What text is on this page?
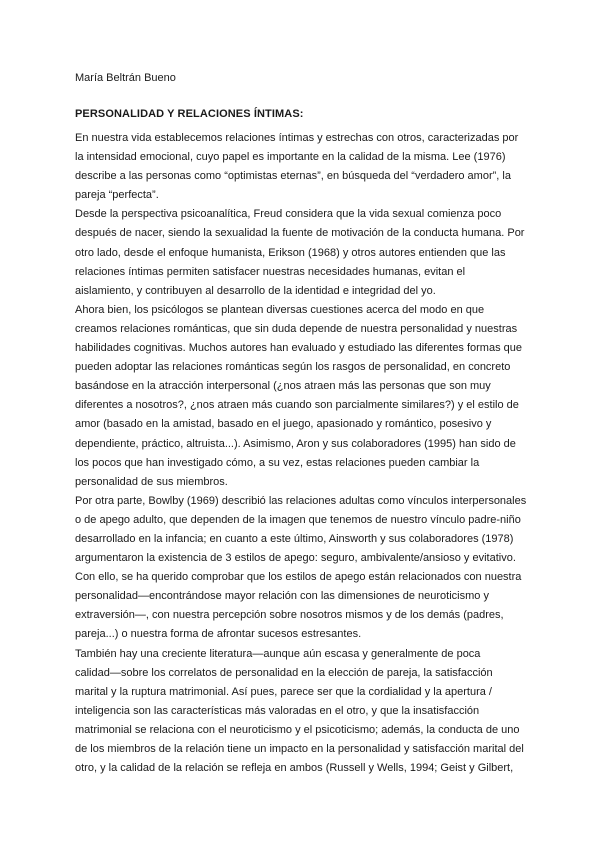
María Beltrán Bueno

PERSONALIDAD Y RELACIONES ÍNTIMAS:

En nuestra vida establecemos relaciones íntimas y estrechas con otros, caracterizadas por
la intensidad emocional, cuyo papel es importante en la calidad de la misma. Lee (1976)
describe a las personas como “optimistas eternas”, en búsqueda del “verdadero amor”, la
pareja “perfecta”.
Desde la perspectiva psicoanalítica, Freud considera que la vida sexual comienza poco
después de nacer, siendo la sexualidad la fuente de motivación de la conducta humana. Por
otro lado, desde el enfoque humanista, Erikson (1968) y otros autores entienden que las
relaciones íntimas permiten satisfacer nuestras necesidades humanas, evitan el
aislamiento, y contribuyen al desarrollo de la identidad e integridad del yo.
Ahora bien, los psicólogos se plantean diversas cuestiones acerca del modo en que
creamos relaciones románticas, que sin duda depende de nuestra personalidad y nuestras
habilidades cognitivas. Muchos autores han evaluado y estudiado las diferentes formas que
pueden adoptar las relaciones románticas según los rasgos de personalidad, en concreto
basándose en la atracción interpersonal (¿nos atraen más las personas que son muy
diferentes a nosotros?, ¿nos atraen más cuando son parcialmente similares?) y el estilo de
amor (basado en la amistad, basado en el juego, apasionado y romántico, posesivo y
dependiente, práctico, altruista...). Asimismo, Aron y sus colaboradores (1995) han sido de
los pocos que han investigado cómo, a su vez, estas relaciones pueden cambiar la
personalidad de sus miembros.
Por otra parte, Bowlby (1969) describió las relaciones adultas como vínculos interpersonales
o de apego adulto, que dependen de la imagen que tenemos de nuestro vínculo padre-niño
desarrollado en la infancia; en cuanto a este último, Ainsworth y sus colaboradores (1978)
argumentaron la existencia de 3 estilos de apego: seguro, ambivalente/ansioso y evitativo.
Con ello, se ha querido comprobar que los estilos de apego están relacionados con nuestra
personalidad—encontrándose mayor relación con las dimensiones de neuroticismo y
extraversión—, con nuestra percepción sobre nosotros mismos y de los demás (padres,
pareja...) o nuestra forma de afrontar sucesos estresantes.
También hay una creciente literatura—aunque aún escasa y generalmente de poca
calidad—sobre los correlatos de personalidad en la elección de pareja, la satisfacción
marital y la ruptura matrimonial. Así pues, parece ser que la cordialidad y la apertura /
inteligencia son las características más valoradas en el otro, y que la insatisfacción
matrimonial se relaciona con el neuroticismo y el psicoticismo; además, la conducta de uno
de los miembros de la relación tiene un impacto en la personalidad y satisfacción marital del
otro, y la calidad de la relación se refleja en ambos (Russell y Wells, 1994; Geist y Gilbert,
